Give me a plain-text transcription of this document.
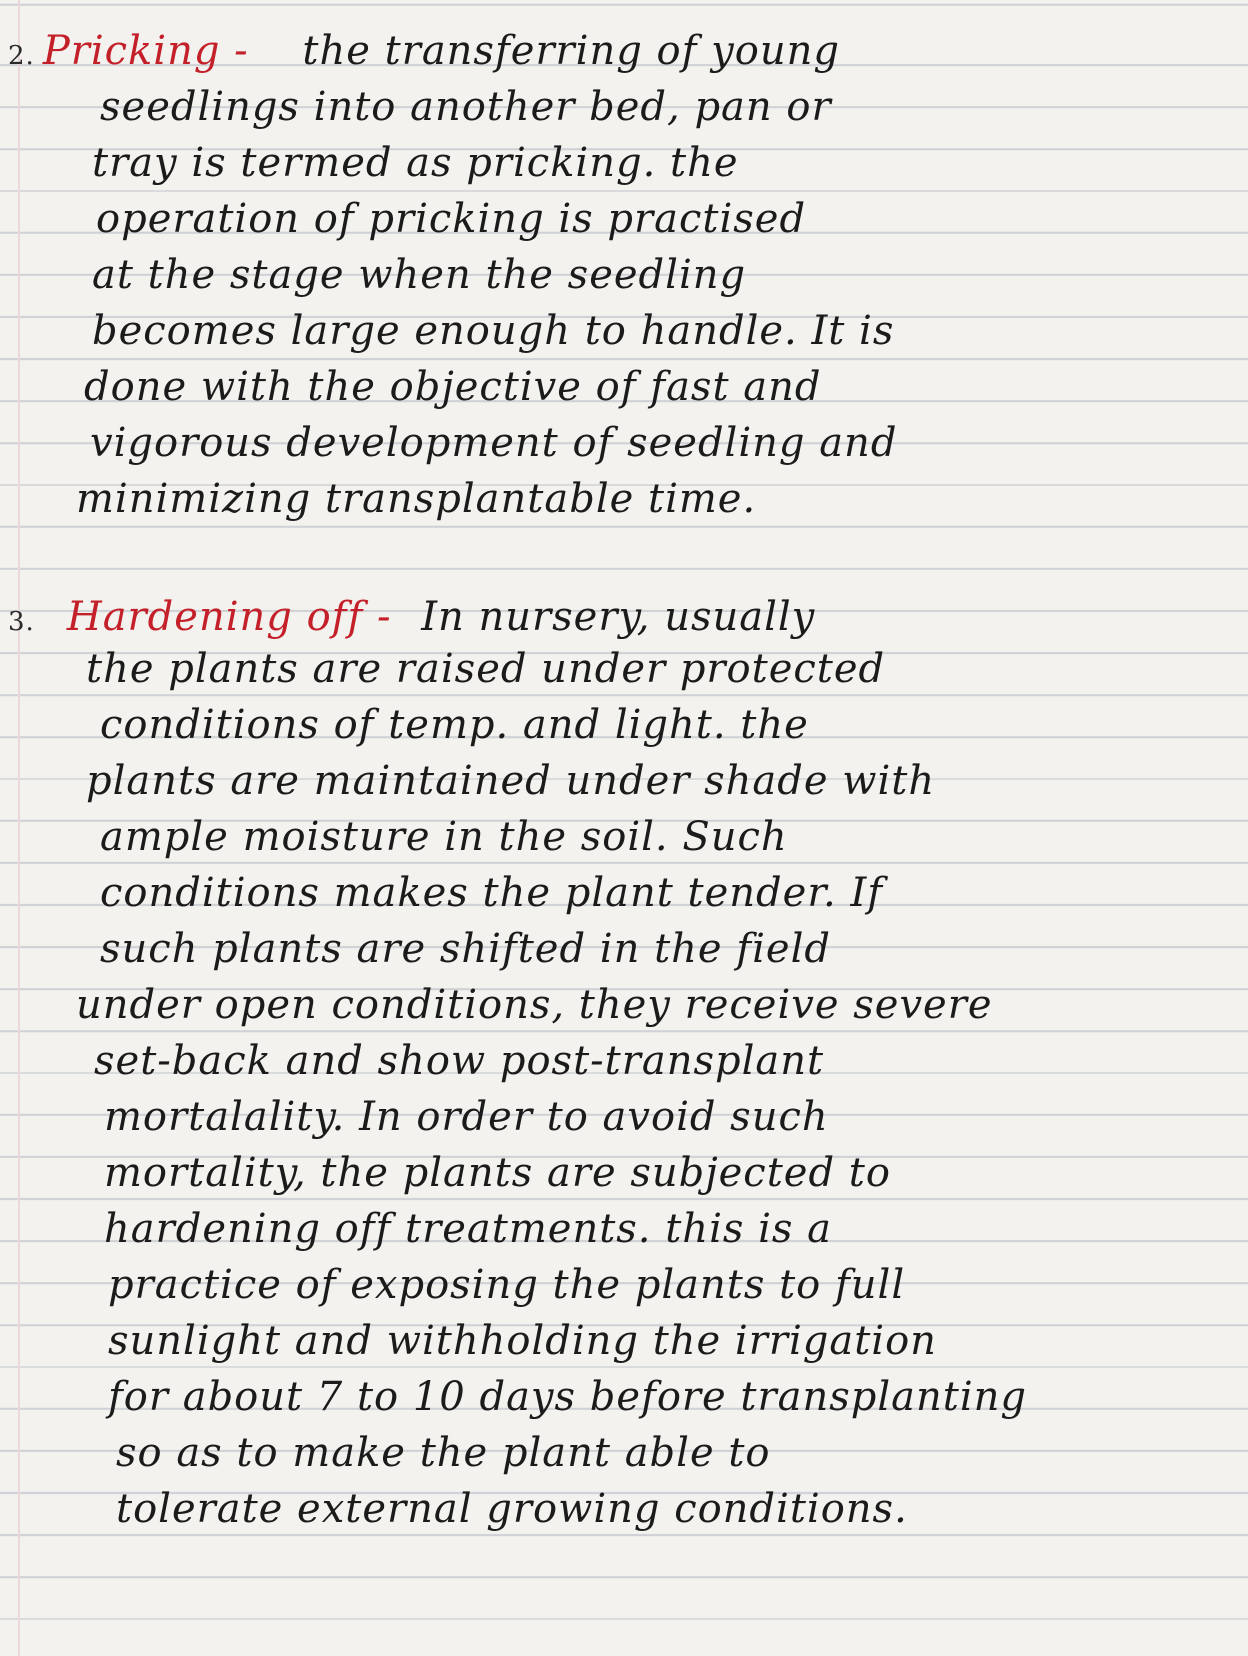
2. Pricking - the transferring of young
seedlings into another bed, pan or
tray is termed as pricking. the
operation of pricking is practised
at the stage when the seedling
becomes large enough to handle. It is
done with the objective of fast and
vigorous development of seedling and
minimizing transplantable time.
3. Hardening off - In nursery, usually
the plants are raised under protected
conditions of temp. and light. the
plants are maintained under shade with
ample moisture in the soil. Such
conditions makes the plant tender. If
such plants are shifted in the field
under open conditions, they receive severe
set-back and show post-transplant
mortalality. In order to avoid such
mortality, the plants are subjected to
hardening off treatments. this is a
practice of exposing the plants to full
sunlight and withholding the irrigation
for about 7 to 10 days before transplanting
so as to make the plant able to
tolerate external growing conditions.
